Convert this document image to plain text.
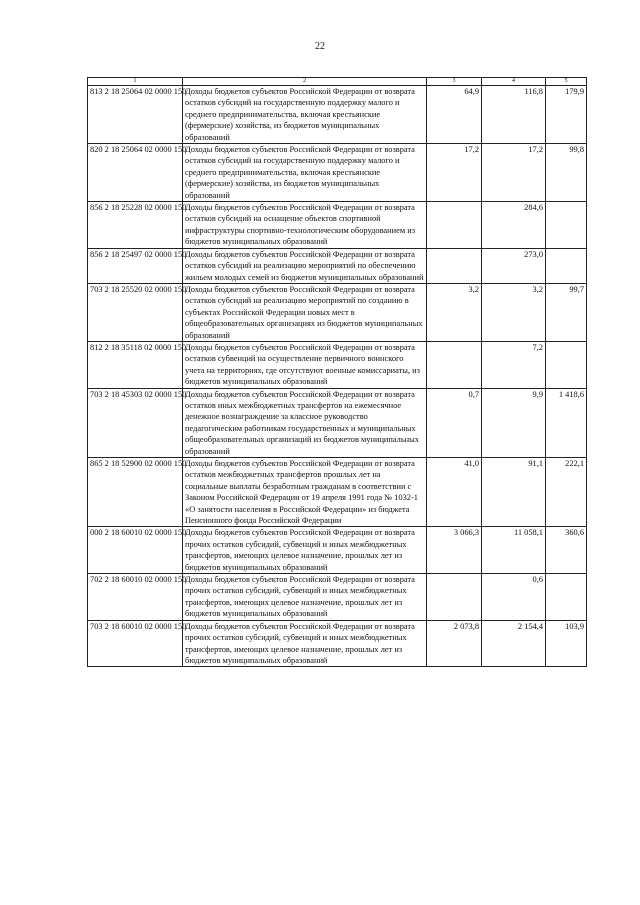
22
1	2	3	4	5
813 2 18 25064 02 0000 150	Доходы бюджетов субъектов Российской Федерации от возврата остатков субсидий на государственную поддержку малого и среднего предпринимательства, включая крестьянские (фермерские) хозяйства, из бюджетов муниципальных образований	64,9	116,8	179,9
820 2 18 25064 02 0000 150	Доходы бюджетов субъектов Российской Федерации от возврата остатков субсидий на государственную поддержку малого и среднего предпринимательства, включая крестьянские (фермерские) хозяйства, из бюджетов муниципальных образований	17,2	17,2	99,8
856 2 18 25228 02 0000 150	Доходы бюджетов субъектов Российской Федерации от возврата остатков субсидий на оснащение объектов спортивной инфраструктуры спортивно-технологическим оборудованием из бюджетов муниципальных образований		284,6	
856 2 18 25497 02 0000 150	Доходы бюджетов субъектов Российской Федерации от возврата остатков субсидий на реализацию мероприятий по обеспечению жильем молодых семей из бюджетов муниципальных образований		273,0	
703 2 18 25520 02 0000 150	Доходы бюджетов субъектов Российской Федерации от возврата остатков субсидий на реализацию мероприятий по созданию в субъектах Российской Федерации новых мест в общеобразовательных организациях из бюджетов муниципальных образований	3,2	3,2	99,7
812 2 18 35118 02 0000 150	Доходы бюджетов субъектов Российской Федерации от возврата остатков субвенций на осуществление первичного воинского учета на территориях, где отсутствуют военные комиссариаты, из бюджетов муниципальных образований		7,2	
703 2 18 45303 02 0000 150	Доходы бюджетов субъектов Российской Федерации от возврата остатков иных межбюджетных трансфертов на ежемесячное денежное вознаграждение за классное руководство педагогическим работникам государственных и муниципальных общеобразовательных организаций из бюджетов муниципальных образований	0,7	9,9	1 418,6
865 2 18 52900 02 0000 150	Доходы бюджетов субъектов Российской Федерации от возврата остатков межбюджетных трансфертов прошлых лет на социальные выплаты безработным гражданам в соответствии с Законом Российской Федерации от 19 апреля 1991 года № 1032-1 «О занятости населения в Российской Федерации» из бюджета Пенсионного фонда Российской Федерации	41,0	91,1	222,1
000 2 18 60010 02 0000 150	Доходы бюджетов субъектов Российской Федерации от возврата прочих остатков субсидий, субвенций и иных межбюджетных трансфертов, имеющих целевое назначение, прошлых лет из бюджетов муниципальных образований	3 066,3	11 058,1	360,6
702 2 18 60010 02 0000 150	Доходы бюджетов субъектов Российской Федерации от возврата прочих остатков субсидий, субвенций и иных межбюджетных трансфертов, имеющих целевое назначение, прошлых лет из бюджетов муниципальных образований		0,6	
703 2 18 60010 02 0000 150	Доходы бюджетов субъектов Российской Федерации от возврата прочих остатков субсидий, субвенций и иных межбюджетных трансфертов, имеющих целевое назначение, прошлых лет из бюджетов муниципальных образований	2 073,8	2 154,4	103,9
